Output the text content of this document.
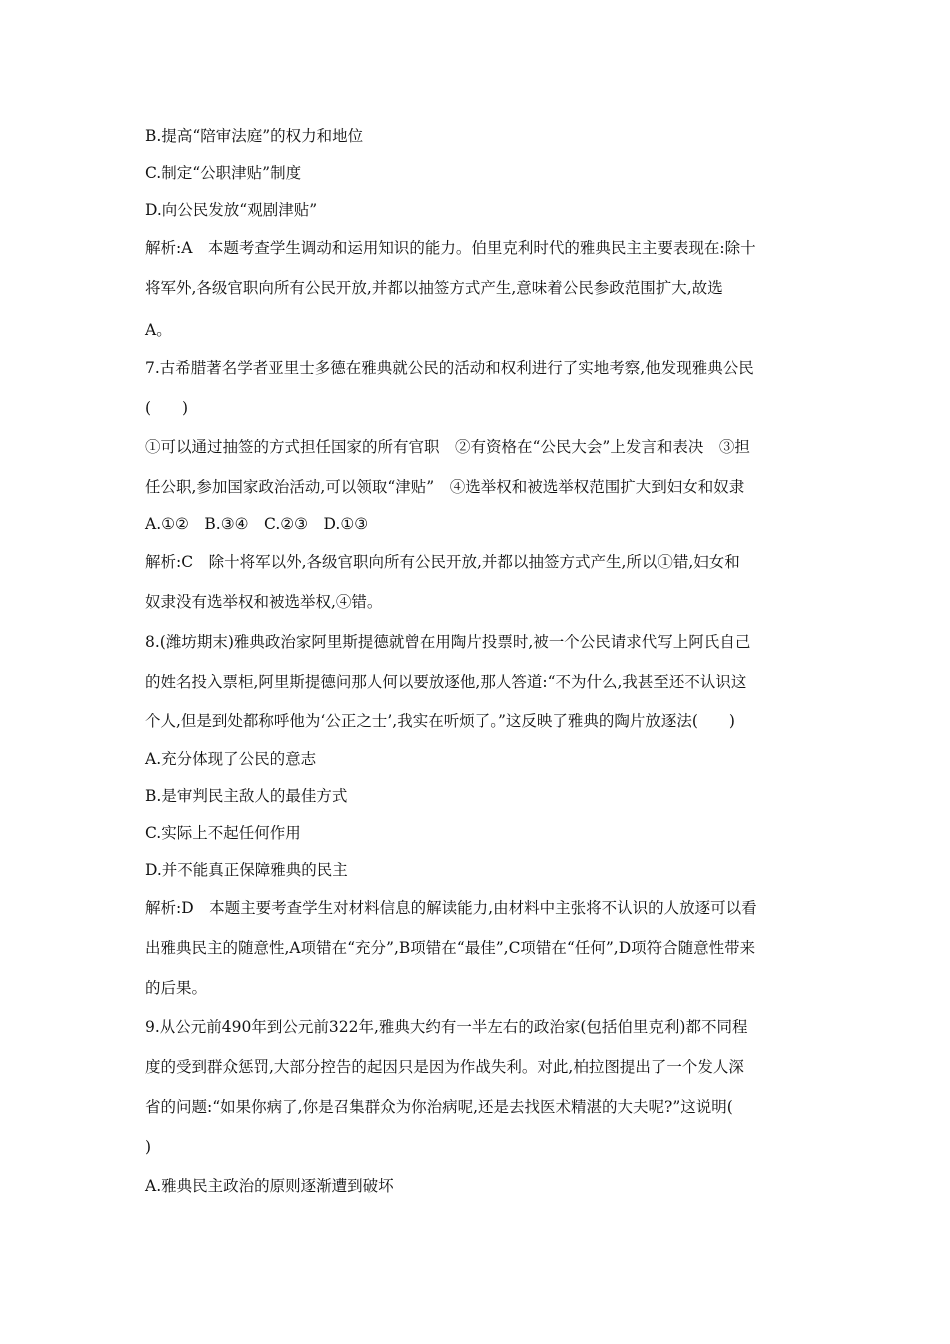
B.提高“陪审法庭”的权力和地位
C.制定“公职津贴”制度
D.向公民发放“观剧津贴”
解析:A　本题考查学生调动和运用知识的能力。伯里克利时代的雅典民主主要表现在:除十
将军外,各级官职向所有公民开放,并都以抽签方式产生,意味着公民参政范围扩大,故选
A。
7.古希腊著名学者亚里士多德在雅典就公民的活动和权利进行了实地考察,他发现雅典公民
(　　)
①可以通过抽签的方式担任国家的所有官职　②有资格在“公民大会”上发言和表决　③担
任公职,参加国家政治活动,可以领取“津贴”　④选举权和被选举权范围扩大到妇女和奴隶
A.①②　B.③④　C.②③　D.①③
解析:C　除十将军以外,各级官职向所有公民开放,并都以抽签方式产生,所以①错,妇女和
奴隶没有选举权和被选举权,④错。
8.(潍坊期末)雅典政治家阿里斯提德就曾在用陶片投票时,被一个公民请求代写上阿氏自己
的姓名投入票柜,阿里斯提德问那人何以要放逐他,那人答道:“不为什么,我甚至还不认识这
个人,但是到处都称呼他为‘公正之士’,我实在听烦了。”这反映了雅典的陶片放逐法(　　)
A.充分体现了公民的意志
B.是审判民主敌人的最佳方式
C.实际上不起任何作用
D.并不能真正保障雅典的民主
解析:D　本题主要考查学生对材料信息的解读能力,由材料中主张将不认识的人放逐可以看
出雅典民主的随意性,A项错在“充分”,B项错在“最佳”,C项错在“任何”,D项符合随意性带来
的后果。
9.从公元前490年到公元前322年,雅典大约有一半左右的政治家(包括伯里克利)都不同程
度的受到群众惩罚,大部分控告的起因只是因为作战失利。对此,柏拉图提出了一个发人深
省的问题:“如果你病了,你是召集群众为你治病呢,还是去找医术精湛的大夫呢?”这说明(
)
A.雅典民主政治的原则逐渐遭到破坏
